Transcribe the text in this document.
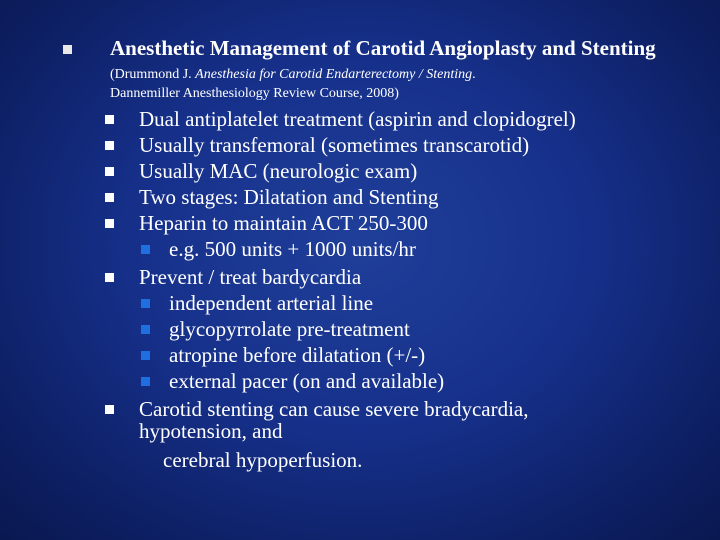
Anesthetic Management of Carotid Angioplasty and Stenting (Drummond J. Anesthesia for Carotid Endarterectomy / Stenting.
Dannemiller Anesthesiology Review Course, 2008)
Dual antiplatelet treatment (aspirin and clopidogrel)
Usually transfemoral (sometimes transcarotid)
Usually MAC (neurologic exam)
Two stages: Dilatation and Stenting
Heparin to maintain ACT 250-300
e.g. 500 units + 1000 units/hr
Prevent / treat bardycardia
independent arterial line
glycopyrrolate pre-treatment
atropine before dilatation (+/-)
external pacer (on and available)
Carotid stenting can cause severe bradycardia,
hypotension, and
cerebral hypoperfusion.
